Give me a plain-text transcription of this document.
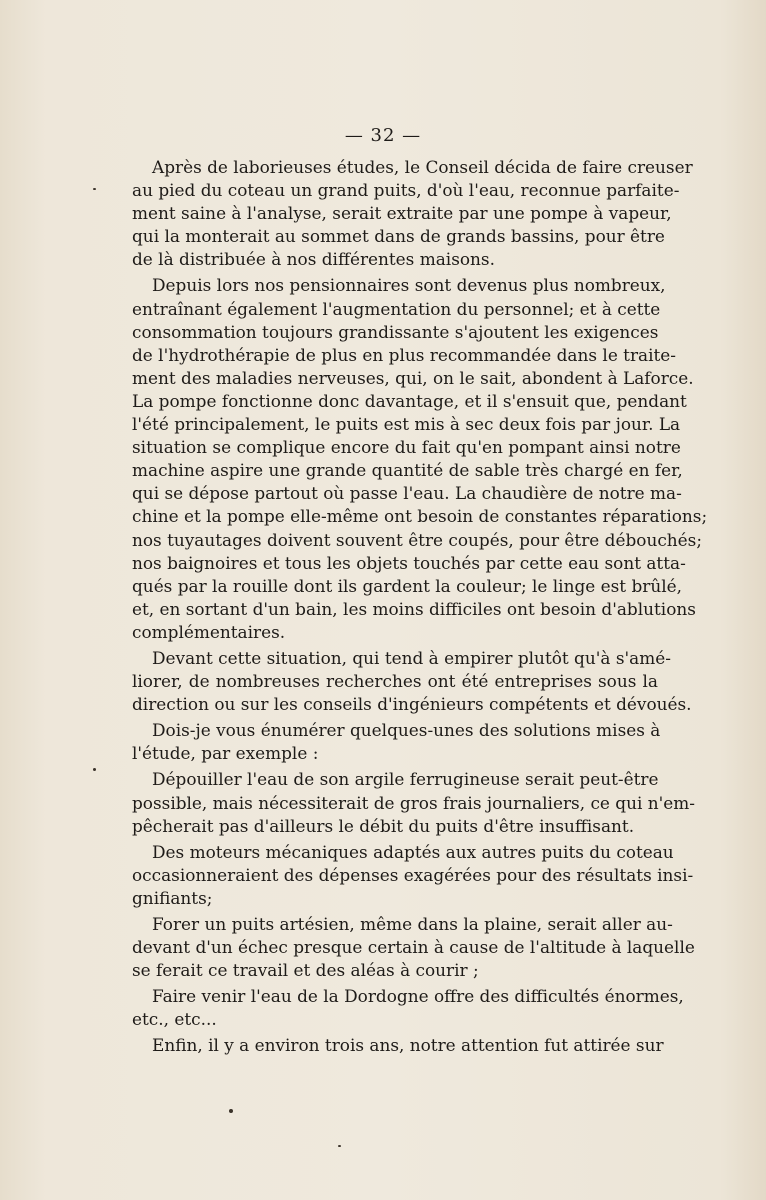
— 32 —

Après de laborieuses études, le Conseil décida de faire creuser
au pied du coteau un grand puits, d'où l'eau, reconnue parfaite-
ment saine à l'analyse, serait extraite par une pompe à vapeur,
qui la monterait au sommet dans de grands bassins, pour être
de là distribuée à nos différentes maisons.

Depuis lors nos pensionnaires sont devenus plus nombreux,
entraînant également l'augmentation du personnel; et à cette
consommation toujours grandissante s'ajoutent les exigences
de l'hydrothérapie de plus en plus recommandée dans le traite-
ment des maladies nerveuses, qui, on le sait, abondent à Laforce.
La pompe fonctionne donc davantage, et il s'ensuit que, pendant
l'été principalement, le puits est mis à sec deux fois par jour. La
situation se complique encore du fait qu'en pompant ainsi notre
machine aspire une grande quantité de sable très chargé en fer,
qui se dépose partout où passe l'eau. La chaudière de notre ma-
chine et la pompe elle-même ont besoin de constantes réparations;
nos tuyautages doivent souvent être coupés, pour être débouchés;
nos baignoires et tous les objets touchés par cette eau sont atta-
qués par la rouille dont ils gardent la couleur; le linge est brûlé,
et, en sortant d'un bain, les moins difficiles ont besoin d'ablutions
complémentaires.

Devant cette situation, qui tend à empirer plutôt qu'à s'amé-
liorer, de nombreuses recherches ont été entreprises sous la
direction ou sur les conseils d'ingénieurs compétents et dévoués.

Dois-je vous énumérer quelques-unes des solutions mises à
l'étude, par exemple :

Dépouiller l'eau de son argile ferrugineuse serait peut-être
possible, mais nécessiterait de gros frais journaliers, ce qui n'em-
pêcherait pas d'ailleurs le débit du puits d'être insuffisant.

Des moteurs mécaniques adaptés aux autres puits du coteau
occasionneraient des dépenses exagérées pour des résultats insi-
gnifiants;

Forer un puits artésien, même dans la plaine, serait aller au-
devant d'un échec presque certain à cause de l'altitude à laquelle
se ferait ce travail et des aléas à courir ;

Faire venir l'eau de la Dordogne offre des difficultés énormes,
etc., etc...

Enfin, il y a environ trois ans, notre attention fut attirée sur
